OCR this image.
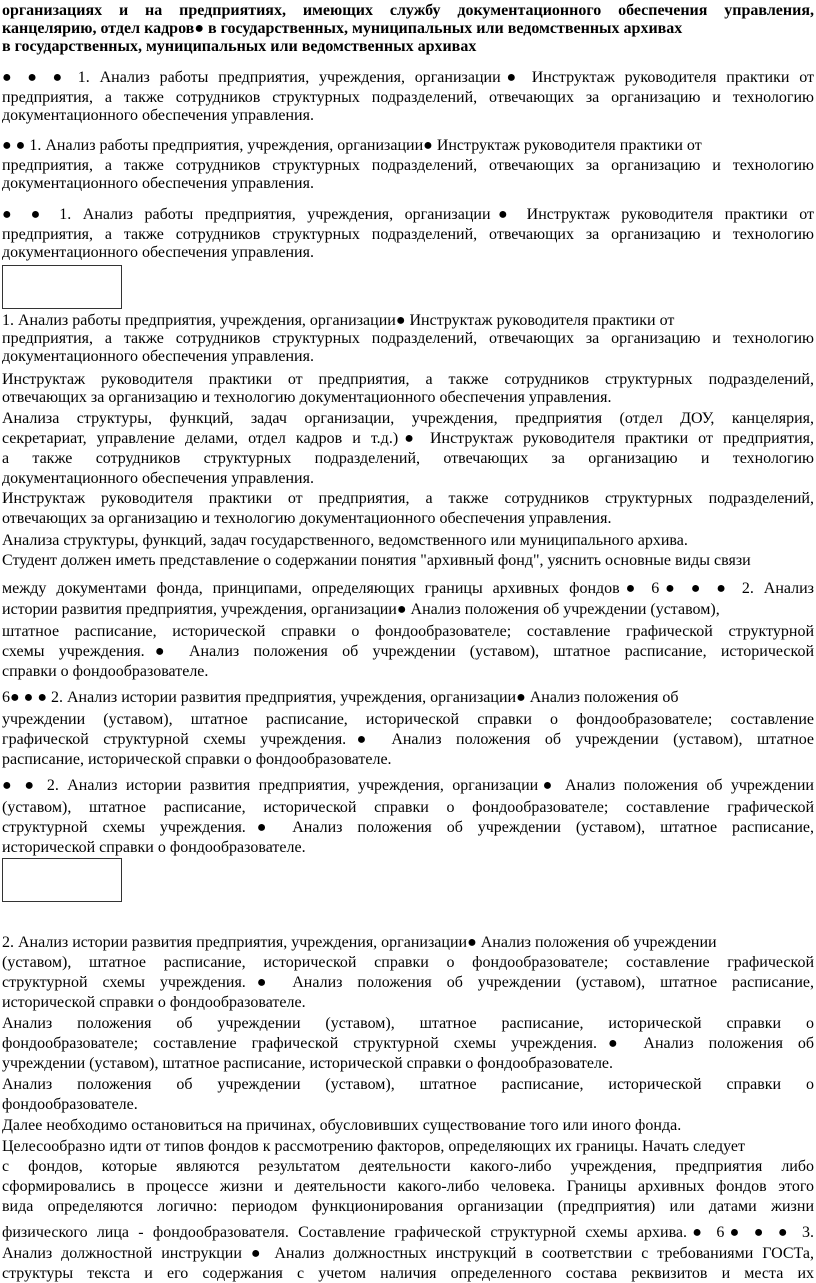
организациях и на предприятиях, имеющих службу документационного обеспечения управления,
канцелярию, отдел кадров● в государственных, муниципальных или ведомственных архивах
в государственных, муниципальных или ведомственных архивах
● ● ● 1. Анализ работы предприятия, учреждения, организации● Инструктаж руководителя практики от
предприятия, а также сотрудников структурных подразделений, отвечающих за организацию и технологию
документационного обеспечения управления.
● ● 1. Анализ работы предприятия, учреждения, организации● Инструктаж руководителя практики от
предприятия, а также сотрудников структурных подразделений, отвечающих за организацию и технологию
документационного обеспечения управления.
● ● 1. Анализ работы предприятия, учреждения, организации● Инструктаж руководителя практики от
предприятия, а также сотрудников структурных подразделений, отвечающих за организацию и технологию
документационного обеспечения управления.
1. Анализ работы предприятия, учреждения, организации● Инструктаж руководителя практики от
предприятия, а также сотрудников структурных подразделений, отвечающих за организацию и технологию
документационного обеспечения управления.
Инструктаж руководителя практики от предприятия, а также сотрудников структурных подразделений,
отвечающих за организацию и технологию документационного обеспечения управления.
Анализа структуры, функций, задач организации, учреждения, предприятия (отдел ДОУ, канцелярия,
секретариат, управление делами, отдел кадров и т.д.)● Инструктаж руководителя практики от предприятия,
а также сотрудников структурных подразделений, отвечающих за организацию и технологию
документационного обеспечения управления.
Инструктаж руководителя практики от предприятия, а также сотрудников структурных подразделений,
отвечающих за организацию и технологию документационного обеспечения управления.
Анализа структуры, функций, задач государственного, ведомственного или муниципального архива.
Студент должен иметь представление о содержании понятия "архивный фонд", уяснить основные виды связи
между документами фонда, принципами, определяющих границы архивных фондов● 6● ● ● 2. Анализ
истории развития предприятия, учреждения, организации● Анализ положения об учреждении (уставом),
штатное расписание, исторической справки о фондообразователе; составление графической структурной
схемы учреждения.● Анализ положения об учреждении (уставом), штатное расписание, исторической
справки о фондообразователе.
6● ● ● 2. Анализ истории развития предприятия, учреждения, организации● Анализ положения об
учреждении (уставом), штатное расписание, исторической справки о фондообразователе; составление
графической структурной схемы учреждения.● Анализ положения об учреждении (уставом), штатное
расписание, исторической справки о фондообразователе.
● ● 2. Анализ истории развития предприятия, учреждения, организации● Анализ положения об учреждении
(уставом), штатное расписание, исторической справки о фондообразователе; составление графической
структурной схемы учреждения.● Анализ положения об учреждении (уставом), штатное расписание,
исторической справки о фондообразователе.
2. Анализ истории развития предприятия, учреждения, организации● Анализ положения об учреждении
(уставом), штатное расписание, исторической справки о фондообразователе; составление графической
структурной схемы учреждения.● Анализ положения об учреждении (уставом), штатное расписание,
исторической справки о фондообразователе.
Анализ положения об учреждении (уставом), штатное расписание, исторической справки о
фондообразователе; составление графической структурной схемы учреждения.● Анализ положения об
учреждении (уставом), штатное расписание, исторической справки о фондообразователе.
Анализ положения об учреждении (уставом), штатное расписание, исторической справки о
фондообразователе.
Далее необходимо остановиться на причинах, обусловивших существование того или иного фонда.
Целесообразно идти от типов фондов к рассмотрению факторов, определяющих их границы. Начать следует
с фондов, которые являются результатом деятельности какого-либо учреждения, предприятия либо
сформировались в процессе жизни и деятельности какого-либо человека. Границы архивных фондов этого
вида определяются логично: периодом функционирования организации (предприятия) или датами жизни
физического лица - фондообразователя. Составление графической структурной схемы архива.● 6● ● ● 3.
Анализ должностной инструкции ● Анализ должностных инструкций в соответствии с требованиями ГОСТа,
структуры текста и его содержания с учетом наличия определенного состава реквизитов и места их
